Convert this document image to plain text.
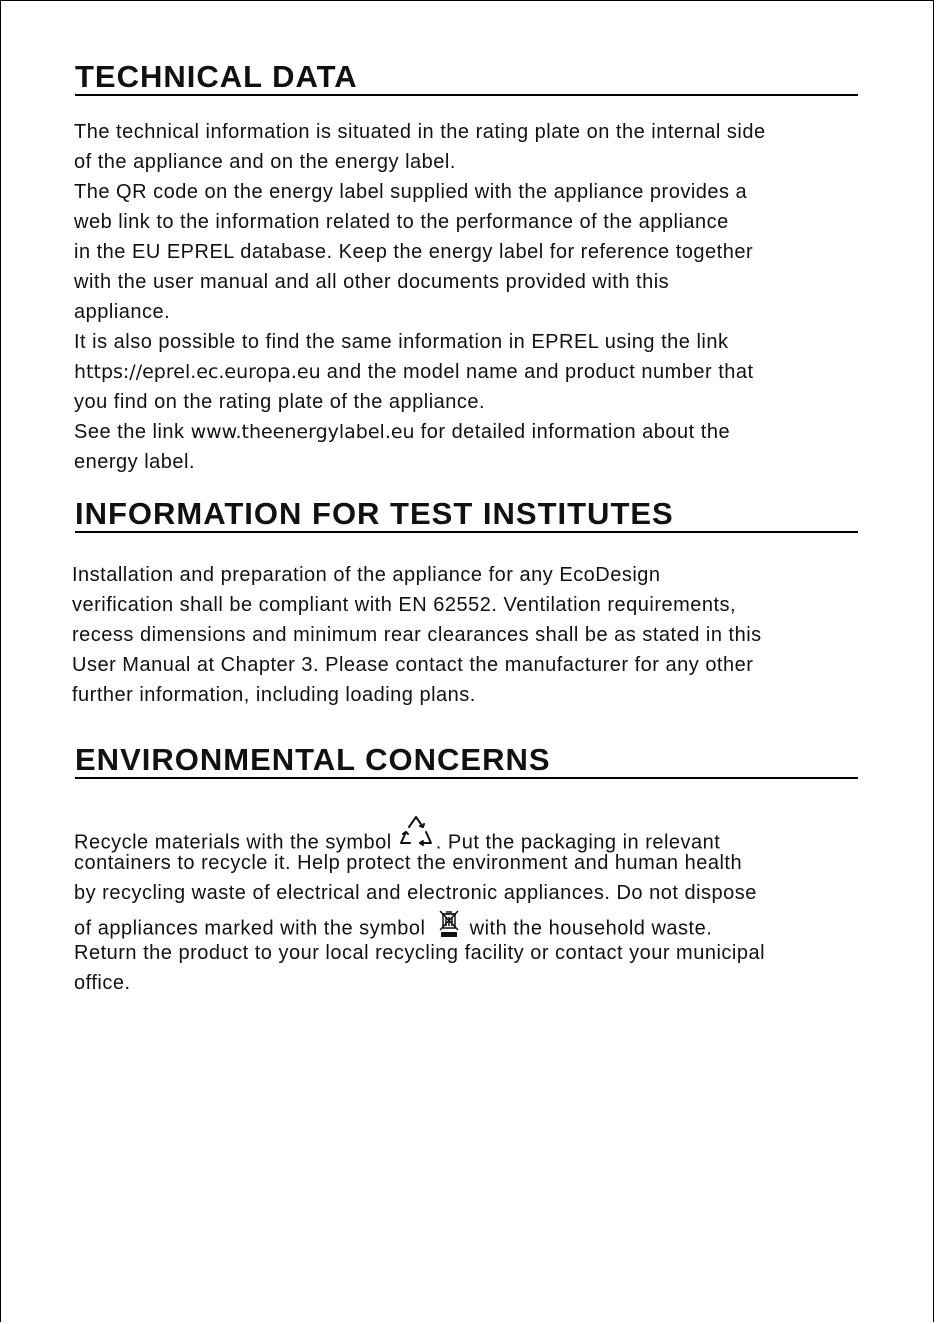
TECHNICAL DATA
The technical information is situated in the rating plate on the internal side
of the appliance and on the energy label.
The QR code on the energy label supplied with the appliance provides a
web link to the information related to the performance of the appliance
in the EU EPREL database. Keep the energy label for reference together
with the user manual and all other documents provided with this
appliance.
It is also possible to find the same information in EPREL using the link
https://eprel.ec.europa.eu and the model name and product number that
you find on the rating plate of the appliance.
See the link www.theenergylabel.eu for detailed information about the
energy label.
INFORMATION FOR TEST INSTITUTES
Installation and preparation of the appliance for any EcoDesign
verification shall be compliant with EN 62552. Ventilation requirements,
recess dimensions and minimum rear clearances shall be as stated in this
User Manual at Chapter 3. Please contact the manufacturer for any other
further information, including loading plans.
ENVIRONMENTAL CONCERNS
Recycle materials with the symbol . Put the packaging in relevant
containers to recycle it. Help protect the environment and human health
by recycling waste of electrical and electronic appliances. Do not dispose
of appliances marked with the symbol  with the household waste.
Return the product to your local recycling facility or contact your municipal
office.
